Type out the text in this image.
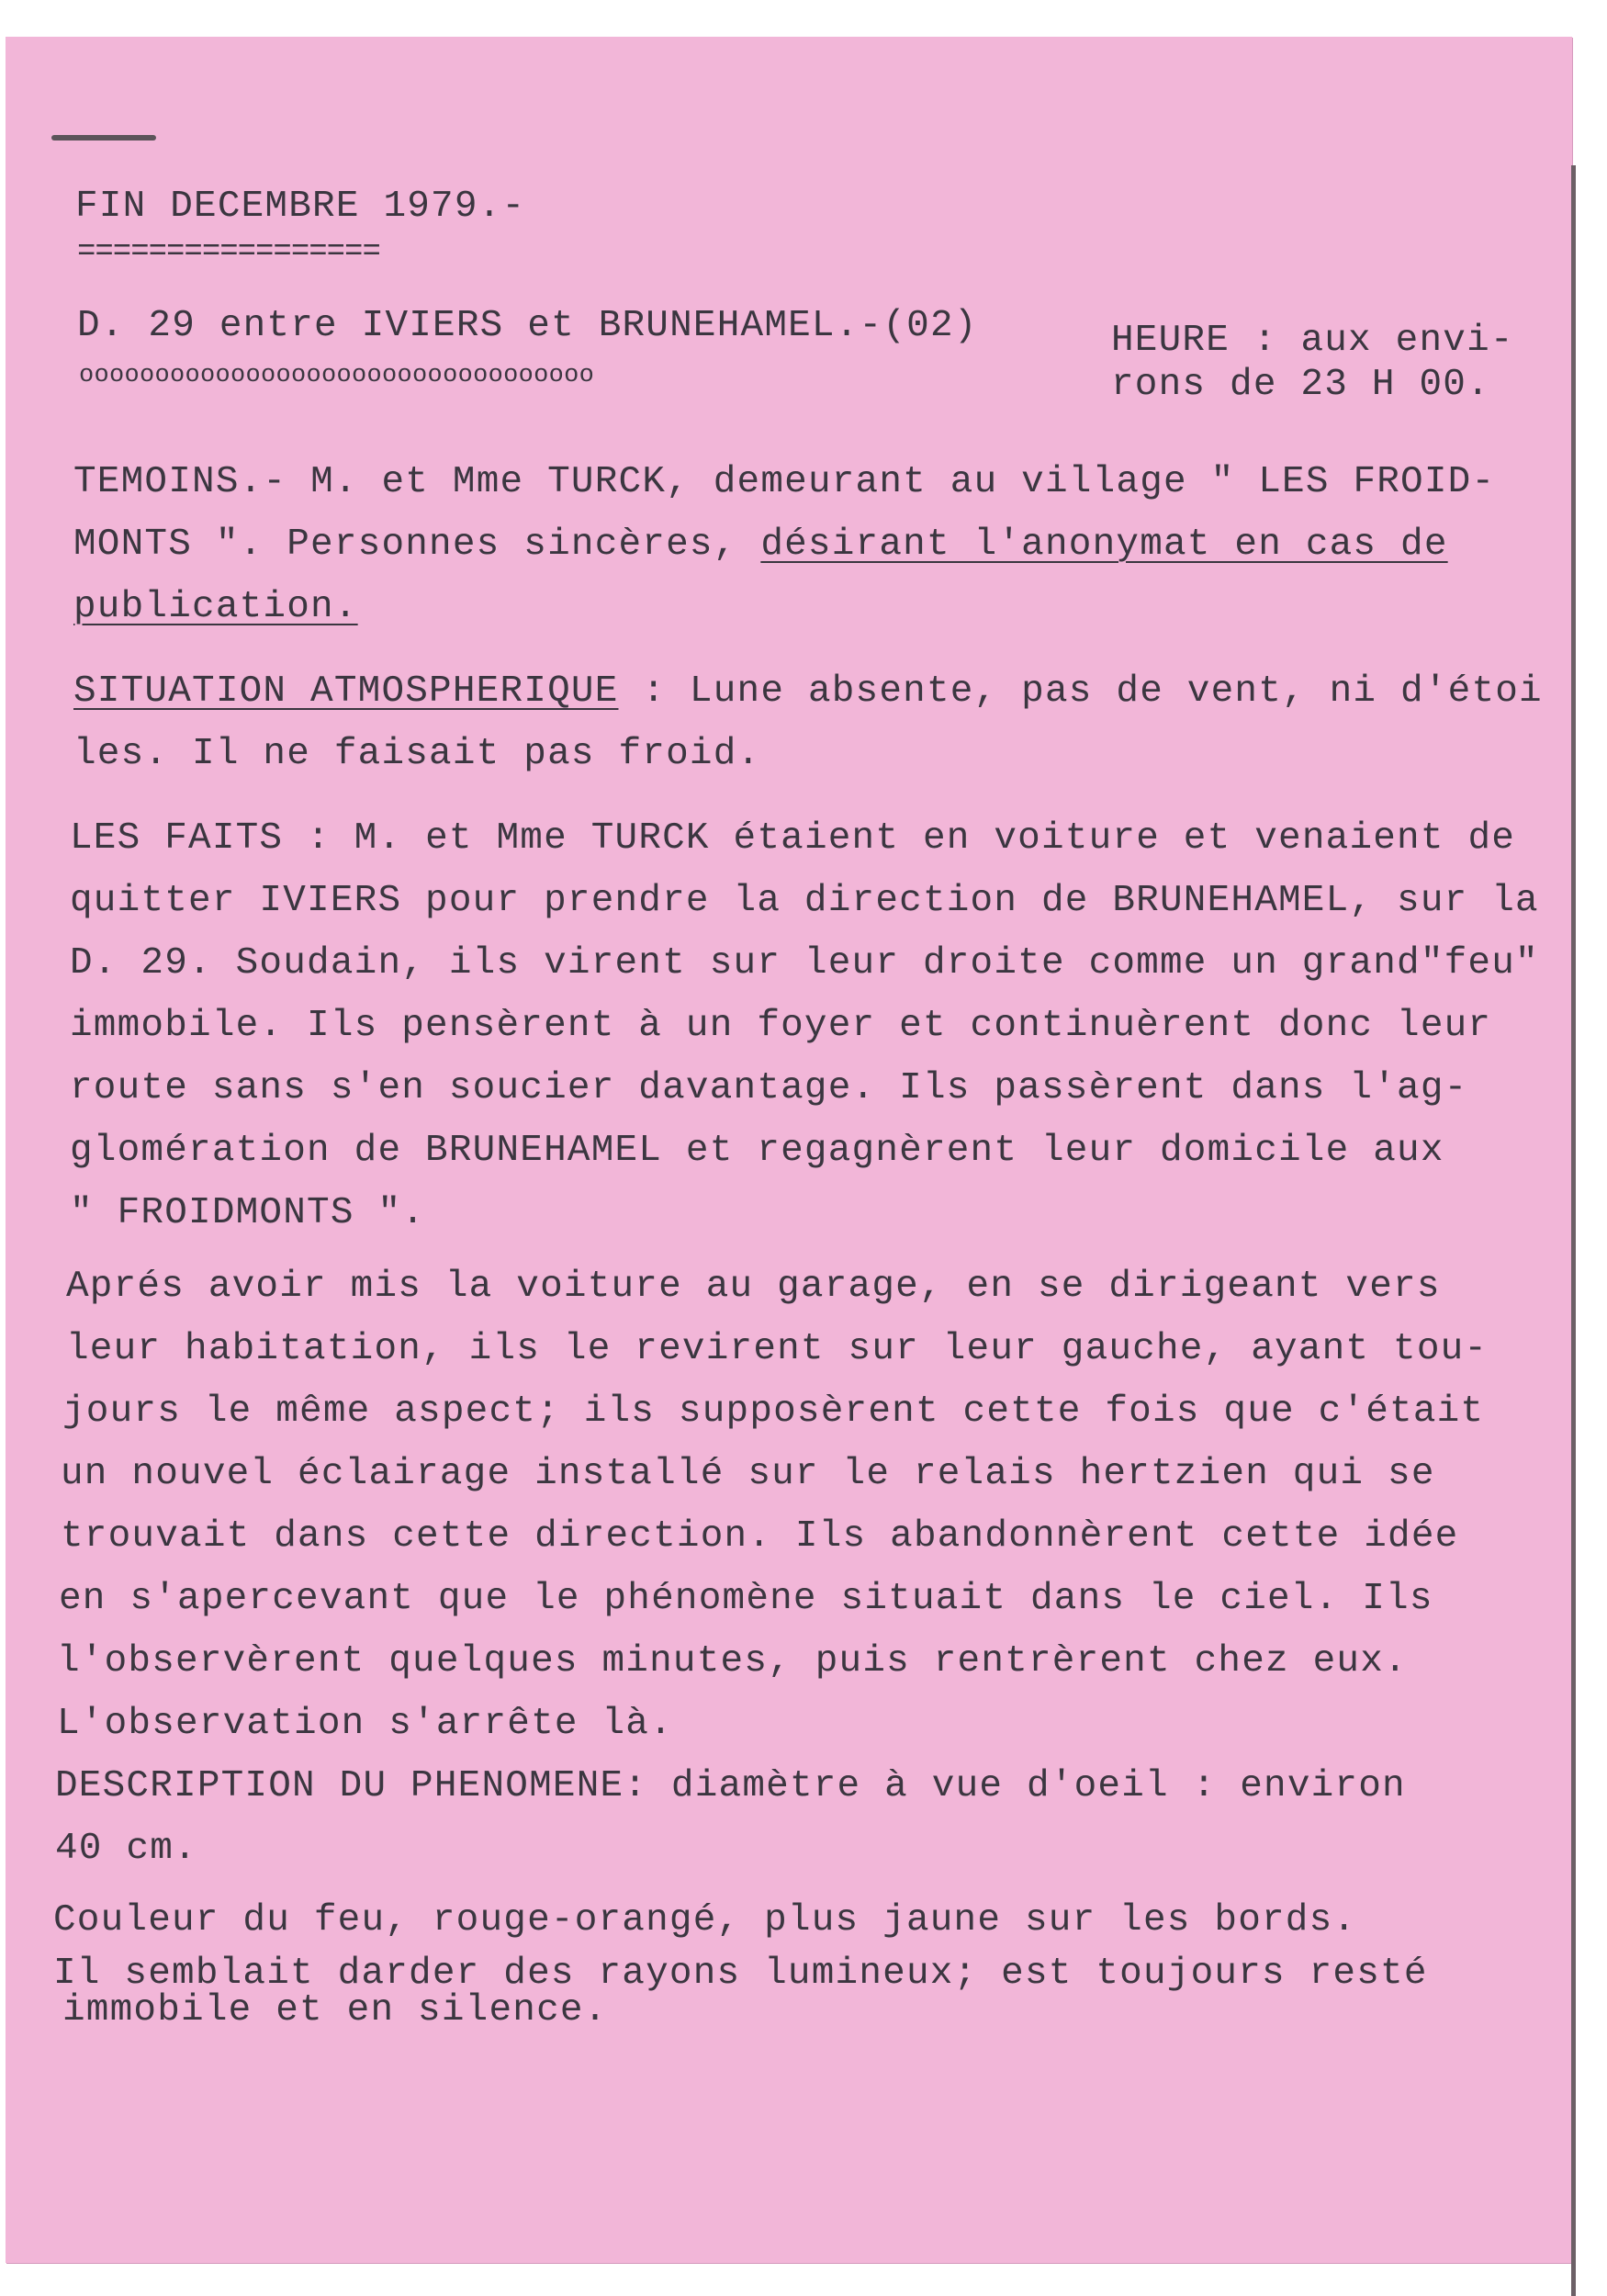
FIN DECEMBRE 1979.-

=================

D. 29 entre IVIERS et BRUNEHAMEL.-(02)

oooooooooooooooooooooooooooooooooo

HEURE : aux envi-

rons de 23 H 00.

TEMOINS.- M. et Mme TURCK, demeurant au village " LES FROID-

MONTS ". Personnes sincères, désirant l'anonymat en cas de

publication.

SITUATION ATMOSPHERIQUE : Lune absente, pas de vent, ni d'étoi

les. Il ne faisait pas froid.

LES FAITS : M. et Mme TURCK étaient en voiture et venaient de

quitter IVIERS pour prendre la direction de BRUNEHAMEL, sur la

D. 29. Soudain, ils virent sur leur droite comme un grand"feu"

immobile. Ils pensèrent à un foyer et continuèrent donc leur

route sans s'en soucier davantage. Ils passèrent dans l'ag-

glomération de BRUNEHAMEL et regagnèrent leur domicile aux

" FROIDMONTS ".

Aprés avoir mis la voiture au garage, en se dirigeant vers

leur habitation, ils le revirent sur leur gauche, ayant tou-

jours le même aspect; ils supposèrent cette fois que c'était

un nouvel éclairage installé sur le relais hertzien qui se

trouvait dans cette direction. Ils abandonnèrent cette idée

en s'apercevant que le phénomène situait dans le ciel. Ils

l'observèrent quelques minutes, puis rentrèrent chez eux.

L'observation s'arrête là.

DESCRIPTION DU PHENOMENE: diamètre à vue d'oeil : environ

40 cm.

Couleur du feu, rouge-orangé, plus jaune sur les bords.

Il semblait darder des rayons lumineux; est toujours resté

immobile et en silence.
